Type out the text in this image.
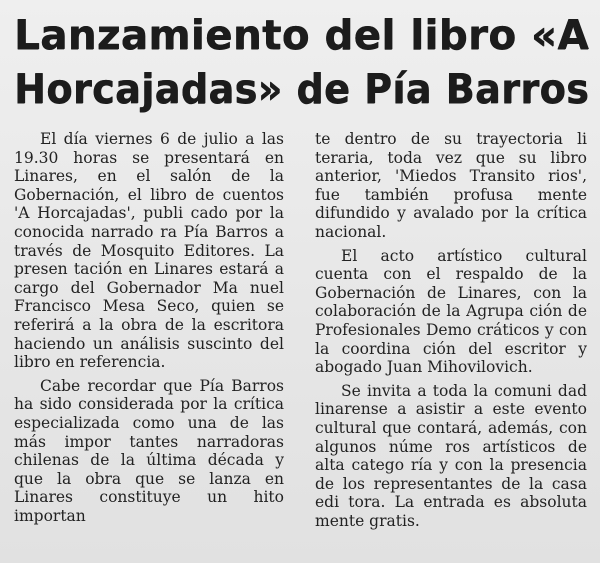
Lanzamiento del libro «A
Horcajadas» de Pía Barros

El día viernes 6 de julio a las 19.30 horas se presentará en Linares, en el salón de la Gobernación, el libro de cuentos 'A Horcajadas', publi cado por la conocida narrado ra Pía Barros a través de Mosquito Editores. La presen tación en Linares estará a cargo del Gobernador Ma nuel Francisco Mesa Seco, quien se referirá a la obra de la escritora haciendo un análisis suscinto del libro en referencia.

Cabe recordar que Pía Barros ha sido considerada por la crítica especializada como una de las más impor tantes narradoras chilenas de la última década y que la obra que se lanza en Linares constituye un hito importan

te dentro de su trayectoria li teraria, toda vez que su libro anterior, 'Miedos Transito rios', fue también profusa mente difundido y avalado por la crítica nacional.

El acto artístico cultural cuenta con el respaldo de la Gobernación de Linares, con la colaboración de la Agrupa ción de Profesionales Demo cráticos y con la coordina ción del escritor y abogado Juan Mihovilovich.

Se invita a toda la comuni dad linarense a asistir a este evento cultural que contará, además, con algunos núme ros artísticos de alta catego ría y con la presencia de los representantes de la casa edi tora. La entrada es absoluta mente gratis.
